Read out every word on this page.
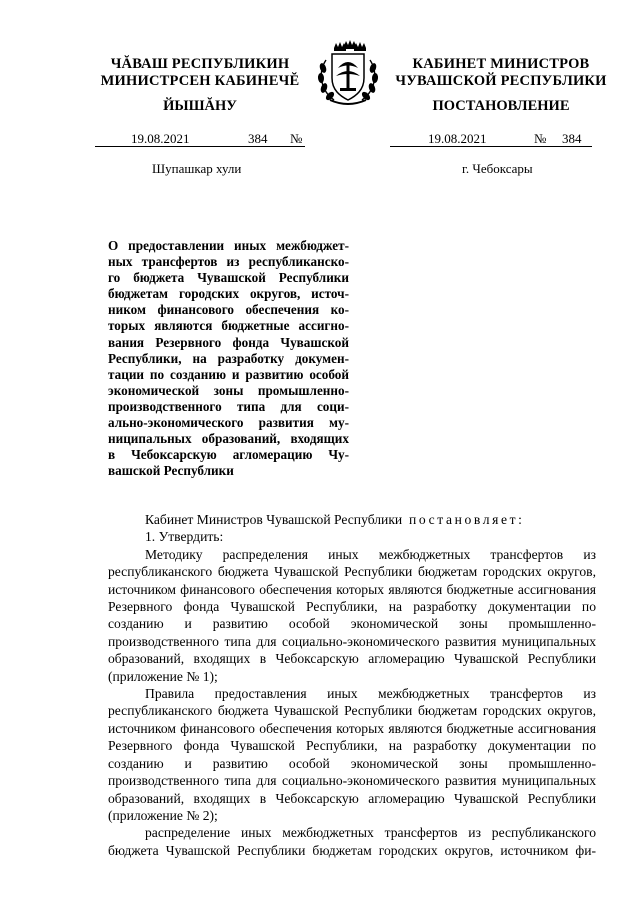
ЧĂВАШ РЕСПУБЛИКИН
МИНИСТРСЕН КАБИНЕЧĔ
ЙЫШĂНУ
19.08.2021	384 №
Шупашкар хули
КАБИНЕТ МИНИСТРОВ
ЧУВАШСКОЙ РЕСПУБЛИКИ
ПОСТАНОВЛЕНИЕ
19.08.2021	№ 384
г. Чебоксары
О предоставлении иных межбюджет-
ных трансфертов из республиканско-
го бюджета Чувашской Республики
бюджетам городских округов, источ-
ником финансового обеспечения ко-
торых являются бюджетные ассигно-
вания Резервного фонда Чувашской
Республики, на разработку докумен-
тации по созданию и развитию особой
экономической зоны промышленно-
производственного типа для соци-
ально-экономического развития му-
ниципальных образований, входящих
в Чебоксарскую агломерацию Чу-
вашской Республики

Кабинет Министров Чувашской Республики постановляет:

1. Утвердить:

Методику распределения иных межбюджетных трансфертов из республиканского бюджета Чувашской Республики бюджетам городских округов, источником финансового обеспечения которых являются бюджетные ассигнования Резервного фонда Чувашской Республики, на разработку документации по созданию и развитию особой экономической зоны промышленно-производственного типа для социально-экономического развития муниципальных образований, входящих в Чебоксарскую агломерацию Чувашской Республики (приложение № 1);

Правила предоставления иных межбюджетных трансфертов из республиканского бюджета Чувашской Республики бюджетам городских округов, источником финансового обеспечения которых являются бюджетные ассигнования Резервного фонда Чувашской Республики, на разработку документации по созданию и развитию особой экономической зоны промышленно-производственного типа для социально-экономического развития муниципальных образований, входящих в Чебоксарскую агломерацию Чувашской Республики (приложение № 2);

распределение иных межбюджетных трансфертов из республиканского бюджета Чувашской Республики бюджетам городских округов, источником фи-
